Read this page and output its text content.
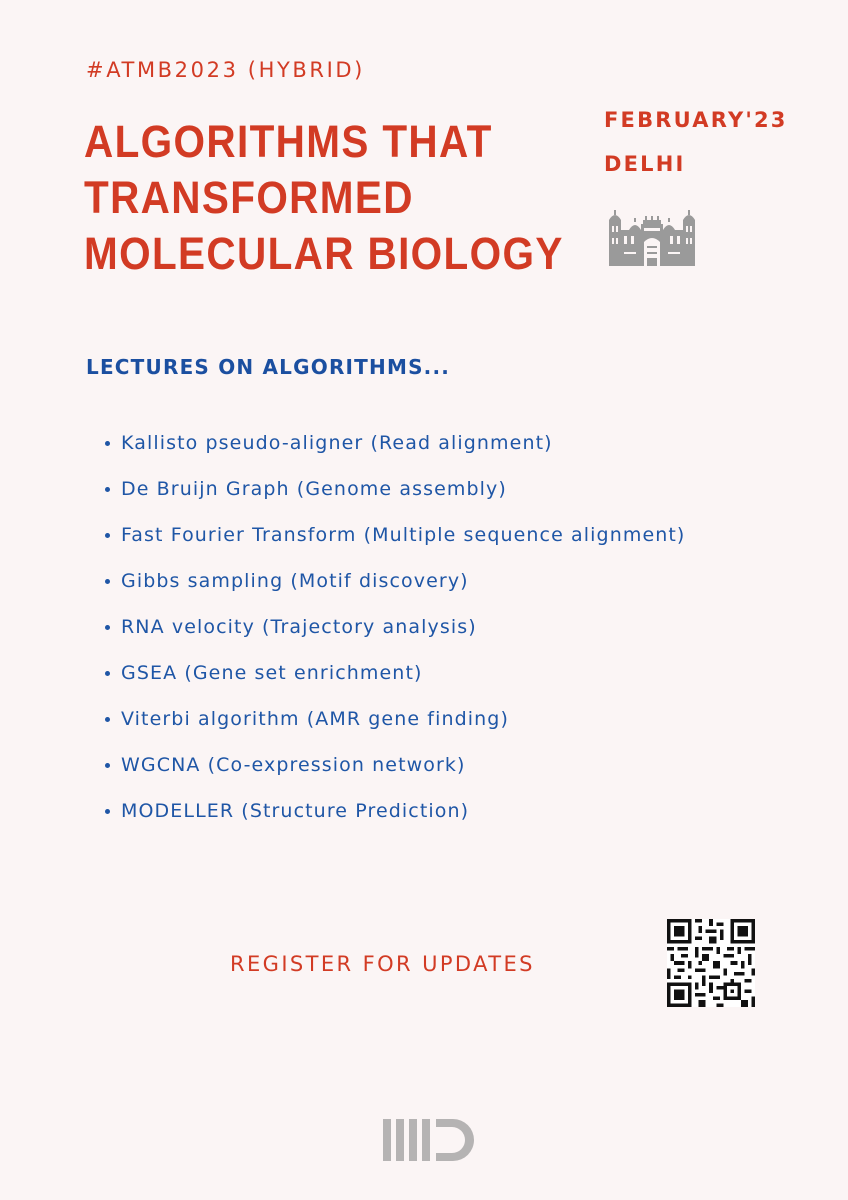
#ATMB2023 (HYBRID)
ALGORITHMS THAT
TRANSFORMED
MOLECULAR BIOLOGY
FEBRUARY'23
DELHI
LECTURES ON ALGORITHMS...
Kallisto pseudo-aligner (Read alignment)
De Bruijn Graph (Genome assembly)
Fast Fourier Transform (Multiple sequence alignment)
Gibbs sampling (Motif discovery)
RNA velocity (Trajectory analysis)
GSEA (Gene set enrichment)
Viterbi algorithm (AMR gene finding)
WGCNA (Co-expression network)
MODELLER (Structure Prediction)
REGISTER FOR UPDATES
